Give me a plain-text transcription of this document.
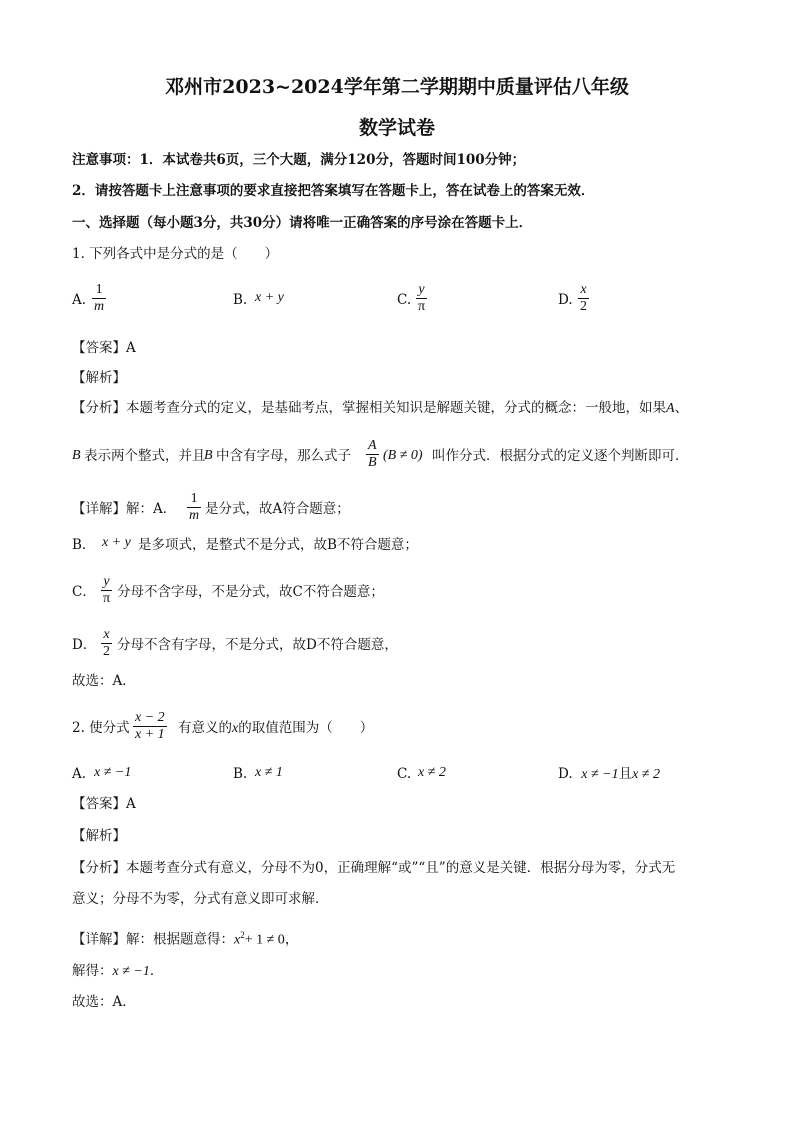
邓州市2023~2024学年第二学期期中质量评估八年级
数学试卷
注意事项：1．本试卷共6页，三个大题，满分120分，答题时间100分钟；
2．请按答题卡上注意事项的要求直接把答案填写在答题卡上，答在试卷上的答案无效．
一、选择题（每小题3分，共30分）请将唯一正确答案的序号涂在答题卡上．
1. 下列各式中是分式的是（　　）
A. $\frac{1}{m}$	B. x + y	C. $\frac{y}{\pi}$	D. $\frac{x}{2}$
【答案】A
【解析】
【分析】本题考查分式的定义，是基础考点，掌握相关知识是解题关键，分式的概念：一般地，如果A、
B 表示两个整式，并且
B 中含有字母，那么式子 $\frac{A}{B} (B \ne 0)$ 叫作分式．根据分式的定义逐个判断即可．
【详解】解：A． $\frac{1}{m}$ 是分式，故A符合题意；
B． x + y 是多项式，是整式不是分式，故B不符合题意；
C． $\frac{y}{\pi}$ 分母不含字母，不是分式，故C不符合题意；
D． $\frac{x}{2}$ 分母不含有字母，不是分式，故D不符合题意，
故选：A．
2. 使分式 $\frac{x - 2}{x + 1}$ 有意义的x的取值范围为（　　）
A. x ≠ −1	B. x ≠ 1	C. x ≠ 2	D. x ≠ −1且x ≠ 2
【答案】A
【解析】
【分析】本题考查分式有意义，分母不为0，正确理解“或”“且”的意义是关键．根据分母为零，分式无
意义；分母不为零，分式有意义即可求解．
【详解】解：根据题意得：$x^2+ 1 \ne 0$，
解得：x ≠ −1．
故选：A．
